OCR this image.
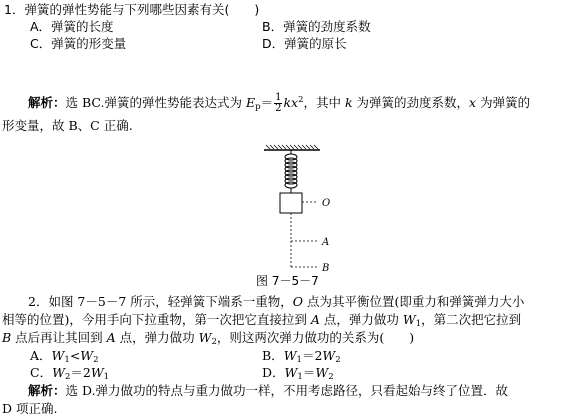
1．弹簧的弹性势能与下列哪些因素有关(　　)
A．弹簧的长度	B．弹簧的劲度系数
C．弹簧的形变量	D．弹簧的原长
解析：选 BC.弹簧的弹性势能表达式为 $E_p= \frac{1}{2} kx^2$，其中 k 为弹簧的劲度系数，x 为弹簧的
形变量，故 B、C 正确.
O
A
B
图 7－5－7
2．如图 7－5－7 所示，轻弹簧下端系一重物，O 点为其平衡位置(即重力和弹簧弹力大小
相等的位置)，今用手向下拉重物，第一次把它直接拉到 A 点，弹力做功 $W_1$，第二次把它拉到
B 点后再让其回到 A 点，弹力做功 $W_2$，则这两次弹力做功的关系为(　　)
A．$W_1<W_2$	B．$W_1=2W_2$
C．$W_2=2W_1$	D．$W_1=W_2$
解析：选 D.弹力做功的特点与重力做功一样，不用考虑路径，只看起始与终了位置．故
D 项正确.
